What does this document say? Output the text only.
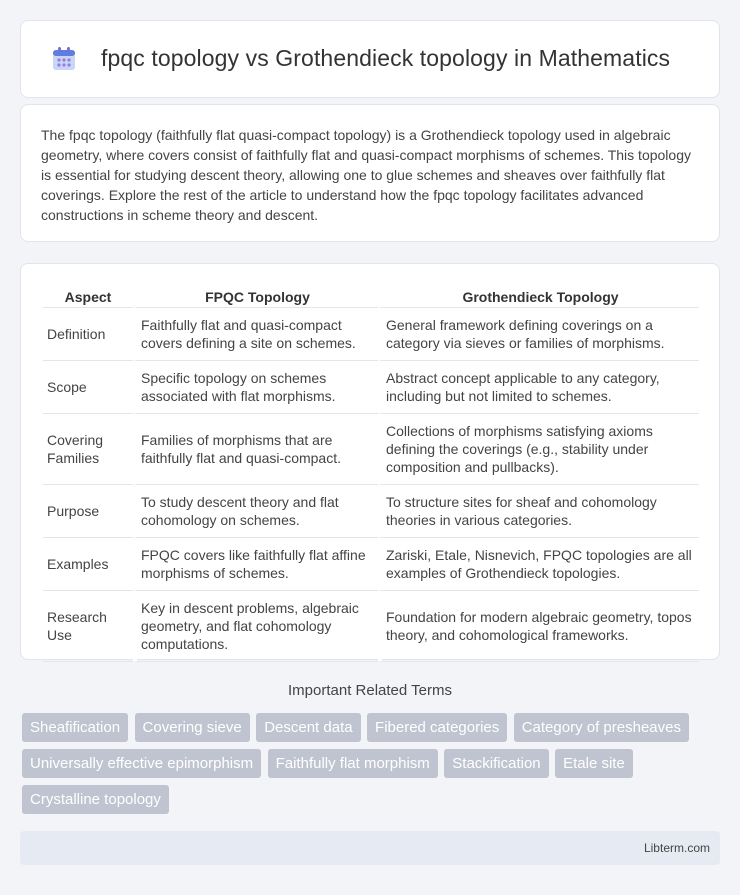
fpqc topology vs Grothendieck topology in Mathematics

The fpqc topology (faithfully flat quasi-compact topology) is a Grothendieck topology used in algebraic geometry, where covers consist of faithfully flat and quasi-compact morphisms of schemes. This topology is essential for studying descent theory, allowing one to glue schemes and sheaves over faithfully flat coverings. Explore the rest of the article to understand how the fpqc topology facilitates advanced constructions in scheme theory and descent.

Aspect	FPQC Topology	Grothendieck Topology
Definition	Faithfully flat and quasi-compact covers defining a site on schemes.	General framework defining coverings on a category via sieves or families of morphisms.
Scope	Specific topology on schemes associated with flat morphisms.	Abstract concept applicable to any category, including but not limited to schemes.
Covering Families	Families of morphisms that are faithfully flat and quasi-compact.	Collections of morphisms satisfying axioms defining the coverings (e.g., stability under composition and pullbacks).
Purpose	To study descent theory and flat cohomology on schemes.	To structure sites for sheaf and cohomology theories in various categories.
Examples	FPQC covers like faithfully flat affine morphisms of schemes.	Zariski, Etale, Nisnevich, FPQC topologies are all examples of Grothendieck topologies.
Research Use	Key in descent problems, algebraic geometry, and flat cohomology computations.	Foundation for modern algebraic geometry, topos theory, and cohomological frameworks.
Important Related Terms
Sheafification Covering sieve Descent data Fibered categories Category of presheaves Universally effective epimorphism Faithfully flat morphism Stackification Etale site Crystalline topology
Libterm.com
